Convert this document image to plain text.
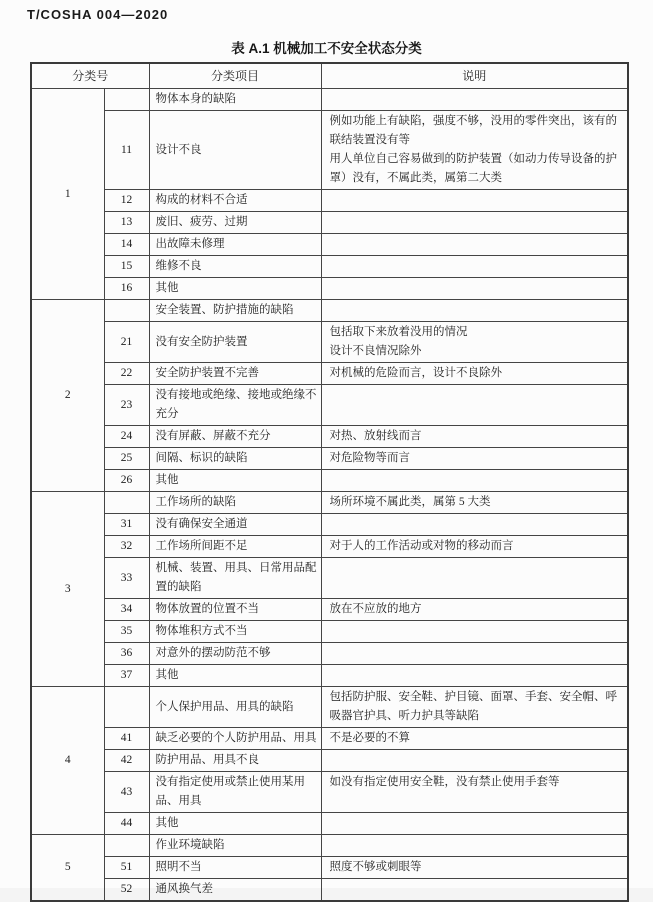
T/COSHA 004—2020
表 A.1 机械加工不安全状态分类
分类号		分类项目	说明
1		物体本身的缺陷	
	11	设计不良	例如功能上有缺陷，强度不够，没用的零件突出，该有的联结装置没有等
用人单位自己容易做到的防护装置（如动力传导设备的护罩）没有，不属此类，属第二大类

	12	构成的材料不合适	
	13	废旧、疲劳、过期	
	14	出故障未修理	
	15	维修不良	
	16	其他	
2		安全装置、防护措施的缺陷	
	21	没有安全防护装置	包括取下来放着没用的情况
设计不良情况除外

	22	安全防护装置不完善	对机械的危险而言，设计不良除外

	23	没有接地或绝缘、接地或绝缘不充分	
	24	没有屏蔽、屏蔽不充分	对热、放射线而言

	25	间隔、标识的缺陷	对危险物等而言

	26	其他	
3		工作场所的缺陷	场所环境不属此类，属第 5 大类

	31	没有确保安全通道	
	32	工作场所间距不足	对于人的工作活动或对物的移动而言

	33	机械、装置、用具、日常用品配置的缺陷	
	34	物体放置的位置不当	放在不应放的地方

	35	物体堆积方式不当	
	36	对意外的摆动防范不够	
	37	其他	
4		个人保护用品、用具的缺陷	包括防护服、安全鞋、护目镜、面罩、手套、安全帽、呼吸器官护具、听力护具等缺陷

	41	缺乏必要的个人防护用品、用具	不是必要的不算

	42	防护用品、用具不良	
	43	没有指定使用或禁止使用某用品、用具	如没有指定使用安全鞋，没有禁止使用手套等

	44	其他	
5		作业环境缺陷	
	51	照明不当	照度不够或刺眼等

	52	通风换气差	
